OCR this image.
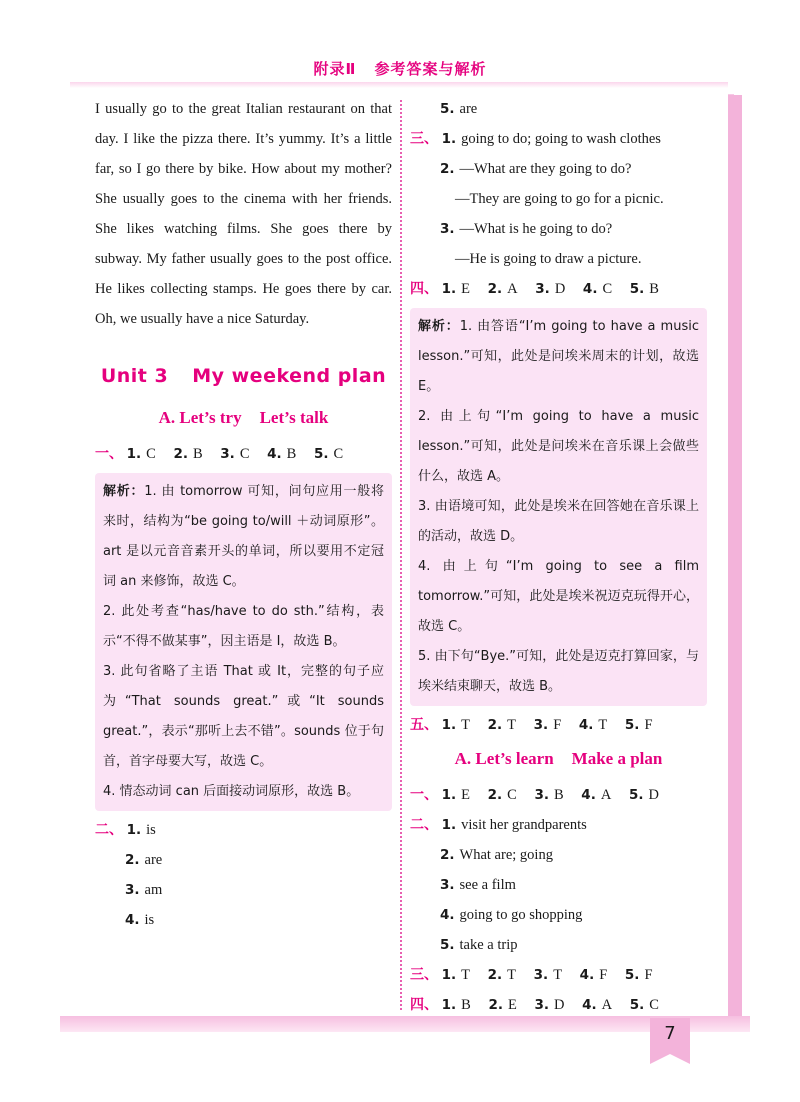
附录Ⅱ 参考答案与解析

I usually go to the great Italian restaurant on that day. I like the pizza there. It’s yummy. It’s a little far, so I go there by bike. How about my mother? She usually goes to the cinema with her friends. She likes watching films. She goes there by subway. My father usually goes to the post office. He likes collecting stamps. He goes there by car. Oh, we usually have a nice Saturday.

Unit 3 My weekend plan
A. Let’s try Let’s talk
一、 1. C 2. B 3. C 4. B 5. C

解析：1. 由 tomorrow 可知，问句应用一般将来时，结构为“be going to/will ＋动词原形”。art 是以元音音素开头的单词，所以要用不定冠词 an 来修饰，故选 C。

2. 此处考查“has/have to do sth.”结构，表示“不得不做某事”，因主语是 I，故选 B。

3. 此句省略了主语 That 或 It，完整的句子应为“That sounds great.”或“It sounds great.”，表示“那听上去不错”。sounds 位于句首，首字母要大写，故选 C。

4. 情态动词 can 后面接动词原形，故选 B。

二、 1. is
2. are
3. am
4. is
5. are
三、 1. going to do; going to wash clothes
2. —What are they going to do?
—They are going to go for a picnic.
3. —What is he going to do?
—He is going to draw a picture.
四、 1. E 2. A 3. D 4. C 5. B

解析：1. 由答语“I’m going to have a music lesson.”可知，此处是问埃米周末的计划，故选 E。

2. 由上句“I’m going to have a music lesson.”可知，此处是问埃米在音乐课上会做些什么，故选 A。

3. 由语境可知，此处是埃米在回答她在音乐课上的活动，故选 D。

4. 由上句“I’m going to see a film tomorrow.”可知，此处是埃米祝迈克玩得开心，故选 C。

5. 由下句“Bye.”可知，此处是迈克打算回家，与埃米结束聊天，故选 B。

五、 1. T 2. T 3. F 4. T 5. F
A. Let’s learn Make a plan
一、 1. E 2. C 3. B 4. A 5. D
二、 1. visit her grandparents
2. What are; going
3. see a film
4. going to go shopping
5. take a trip
三、 1. T 2. T 3. T 4. F 5. F
四、 1. B 2. E 3. D 4. A 5. C
7
